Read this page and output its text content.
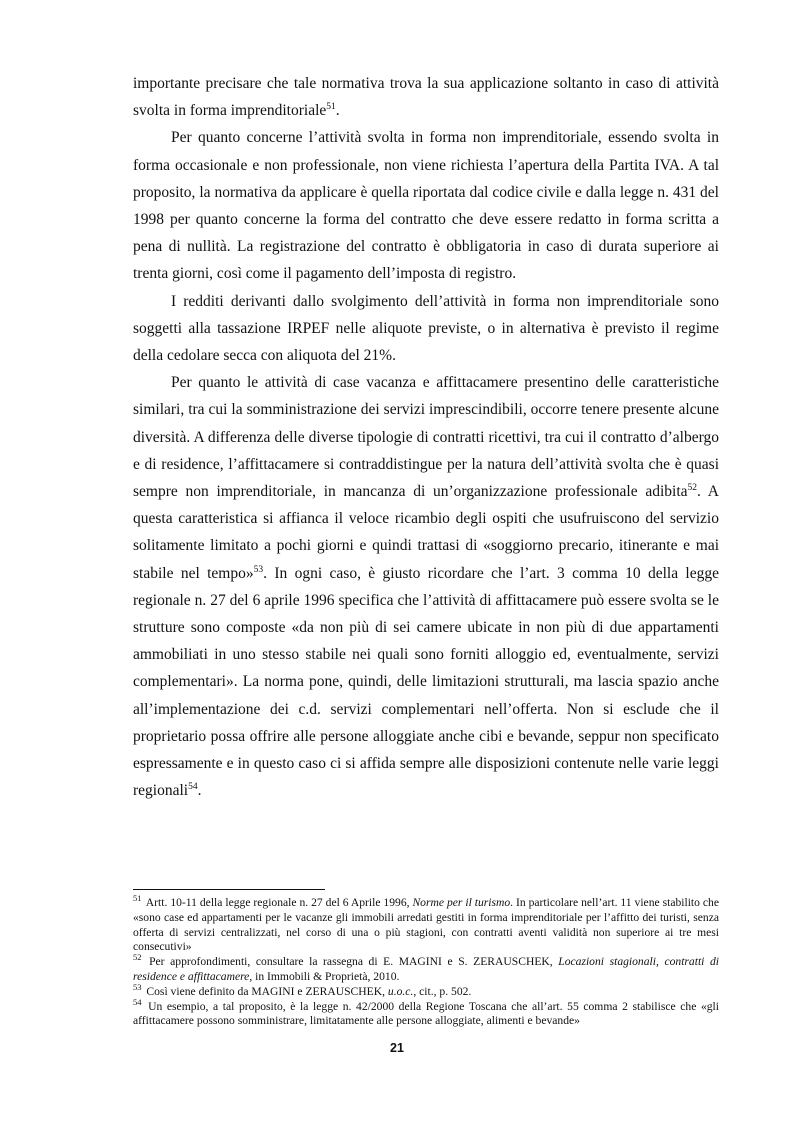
importante precisare che tale normativa trova la sua applicazione soltanto in caso di attività svolta in forma imprenditoriale$^{51}$.

Per quanto concerne l’attività svolta in forma non imprenditoriale, essendo svolta in forma occasionale e non professionale, non viene richiesta l’apertura della Partita IVA. A tal proposito, la normativa da applicare è quella riportata dal codice civile e dalla legge n. 431 del 1998 per quanto concerne la forma del contratto che deve essere redatto in forma scritta a pena di nullità. La registrazione del contratto è obbligatoria in caso di durata superiore ai trenta giorni, così come il pagamento dell’imposta di registro.

I redditi derivanti dallo svolgimento dell’attività in forma non imprenditoriale sono soggetti alla tassazione IRPEF nelle aliquote previste, o in alternativa è previsto il regime della cedolare secca con aliquota del 21%.

Per quanto le attività di case vacanza e affittacamere presentino delle caratteristiche similari, tra cui la somministrazione dei servizi imprescindibili, occorre tenere presente alcune diversità. A differenza delle diverse tipologie di contratti ricettivi, tra cui il contratto d’albergo e di residence, l’affittacamere si contraddistingue per la natura dell’attività svolta che è quasi sempre non imprenditoriale, in mancanza di un’organizzazione professionale adibita$^{52}$. A questa caratteristica si affianca il veloce ricambio degli ospiti che usufruiscono del servizio solitamente limitato a pochi giorni e quindi trattasi di «soggiorno precario, itinerante e mai stabile nel tempo»$^{53}$. In ogni caso, è giusto ricordare che l’art. 3 comma 10 della legge regionale n. 27 del 6 aprile 1996 specifica che l’attività di affittacamere può essere svolta se le strutture sono composte «da non più di sei camere ubicate in non più di due appartamenti ammobiliati in uno stesso stabile nei quali sono forniti alloggio ed, eventualmente, servizi complementari». La norma pone, quindi, delle limitazioni strutturali, ma lascia spazio anche all’implementazione dei c.d. servizi complementari nell’offerta. Non si esclude che il proprietario possa offrire alle persone alloggiate anche cibi e bevande, seppur non specificato espressamente e in questo caso ci si affida sempre alle disposizioni contenute nelle varie leggi regionali$^{54}$.

$^{51}$ Artt. 10-11 della legge regionale n. 27 del 6 Aprile 1996, Norme per il turismo. In particolare nell’art. 11 viene stabilito che «sono case ed appartamenti per le vacanze gli immobili arredati gestiti in forma imprenditoriale per l’affitto dei turisti, senza offerta di servizi centralizzati, nel corso di una o più stagioni, con contratti aventi validità non superiore ai tre mesi consecutivi»

$^{52}$ Per approfondimenti, consultare la rassegna di E. MAGINI e S. ZERAUSCHEK, Locazioni stagionali, contratti di residence e affittacamere, in Immobili & Proprietà, 2010.

$^{53}$ Così viene definito da MAGINI e ZERAUSCHEK, u.o.c., cit., p. 502.

$^{54}$ Un esempio, a tal proposito, è la legge n. 42/2000 della Regione Toscana che all’art. 55 comma 2 stabilisce che «gli affittacamere possono somministrare, limitatamente alle persone alloggiate, alimenti e bevande»

21
